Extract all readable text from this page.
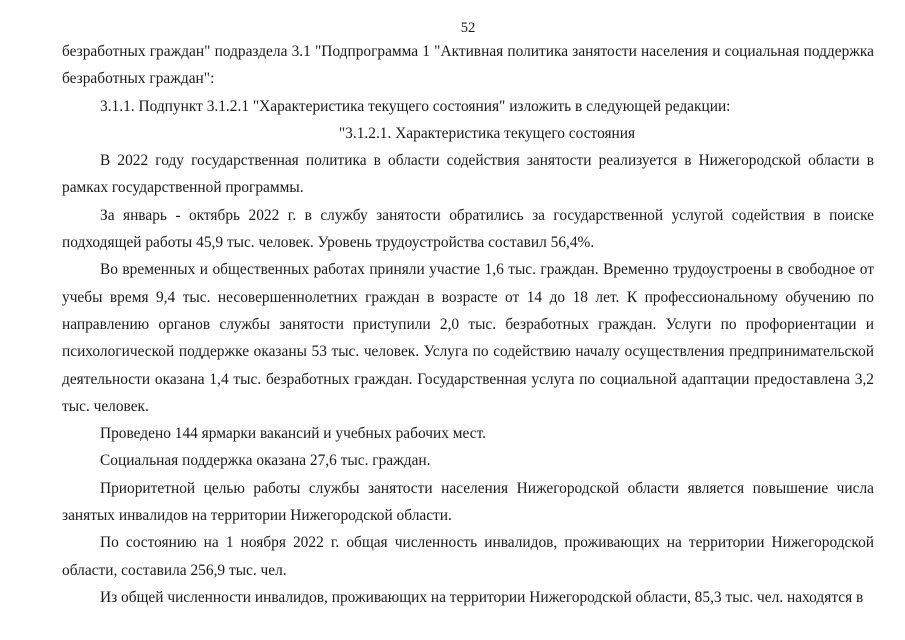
52

безработных граждан" подраздела 3.1 "Подпрограмма 1 "Активная политика занятости населения и социальная поддержка безработных граждан":

3.1.1. Подпункт 3.1.2.1 "Характеристика текущего состояния" изложить в следующей редакции:

"3.1.2.1. Характеристика текущего состояния

В 2022 году государственная политика в области содействия занятости реализуется в Нижегородской области в рамках государственной программы.

За январь - октябрь 2022 г. в службу занятости обратились за государственной услугой содействия в поиске подходящей работы 45,9 тыс. человек. Уровень трудоустройства составил 56,4%.

Во временных и общественных работах приняли участие 1,6 тыс. граждан. Временно трудоустроены в свободное от учебы время 9,4 тыс. несовершеннолетних граждан в возрасте от 14 до 18 лет. К профессиональному обучению по направлению органов службы занятости приступили 2,0 тыс. безработных граждан. Услуги по профориентации и психологической поддержке оказаны 53 тыс. человек. Услуга по содействию началу осуществления предпринимательской деятельности оказана 1,4 тыс. безработных граждан. Государственная услуга по социальной адаптации предоставлена 3,2 тыс. человек.

Проведено 144 ярмарки вакансий и учебных рабочих мест.

Социальная поддержка оказана 27,6 тыс. граждан.

Приоритетной целью работы службы занятости населения Нижегородской области является повышение числа занятых инвалидов на территории Нижегородской области.

По состоянию на 1 ноября 2022 г. общая численность инвалидов, проживающих на территории Нижегородской области, составила 256,9 тыс. чел.

Из общей численности инвалидов, проживающих на территории Нижегородской области, 85,3 тыс. чел. находятся в
